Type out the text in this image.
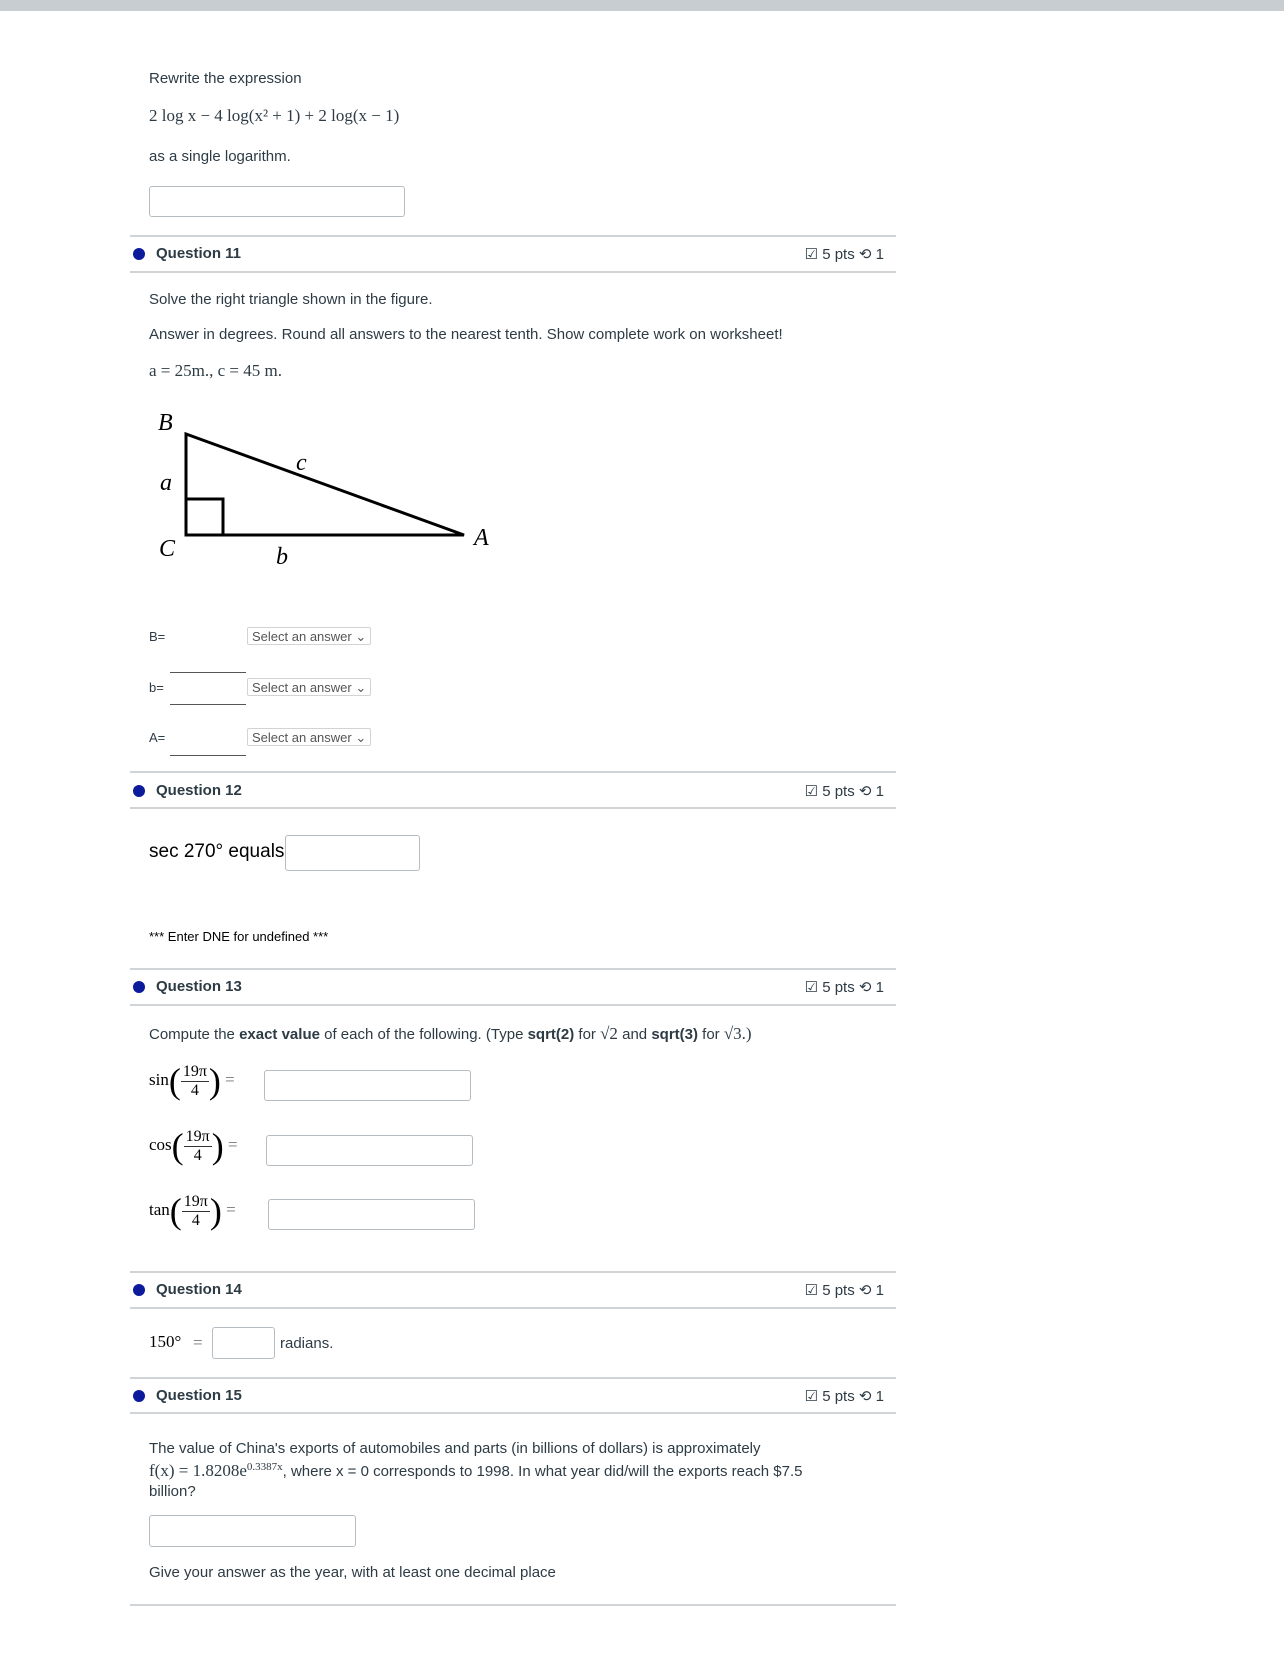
Rewrite the expression
2 log x − 4 log(x² + 1) + 2 log(x − 1)
as a single logarithm.
Question 11	☑ 5 pts ⟲ 1
Solve the right triangle shown in the figure.
Answer in degrees. Round all answers to the nearest tenth. Show complete work on worksheet!
a = 25m., c = 45 m.
B
c
a
C	b
A
B=	Select an answer ⌄
b=	Select an answer ⌄
A=	Select an answer ⌄
Question 12	☑ 5 pts ⟲ 1
sec 270° equals
*** Enter DNE for undefined ***
Question 13	☑ 5 pts ⟲ 1
Compute the exact value of each of the following. (Type sqrt(2) for √2 and sqrt(3) for √3.)
$\sin( \frac{19\pi}{4}$ ) =
$\cos( \frac{19\pi}{4}$ ) =
$\tan( \frac{19\pi}{4}$ ) =
Question 14	☑ 5 pts ⟲ 1
150° =	radians.
Question 15	☑ 5 pts ⟲ 1
The value of China's exports of automobiles and parts (in billions of dollars) is approximately
$f(x) = 1.8208e^{0.3387x}$, where x = 0 corresponds to 1998. In what year did/will the exports reach $7.5
billion?
Give your answer as the year, with at least one decimal place
